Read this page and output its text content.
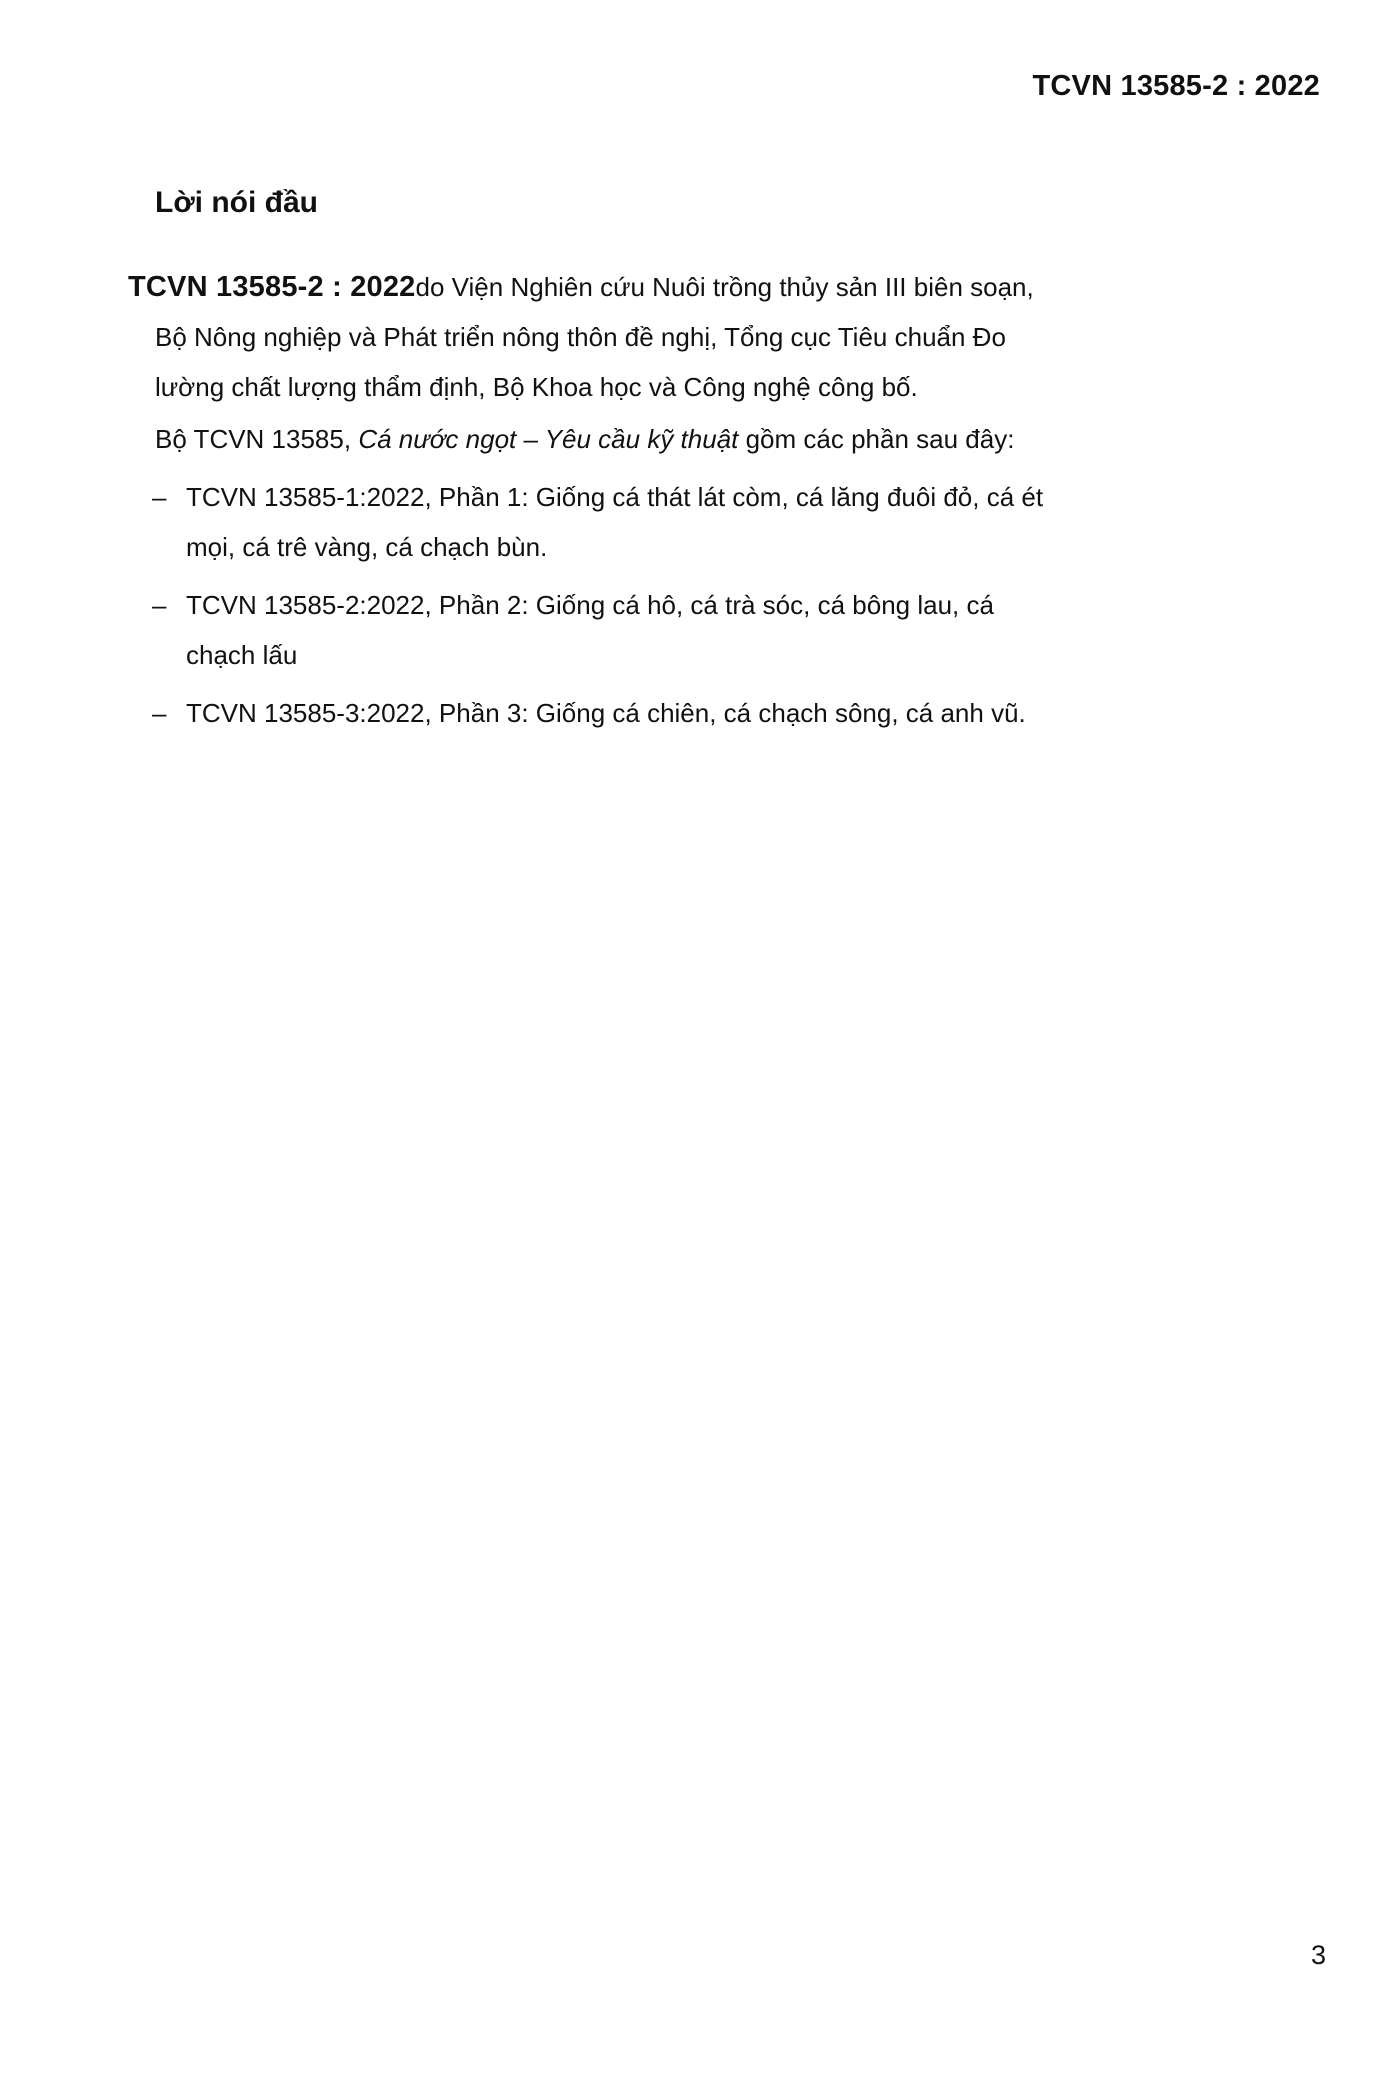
TCVN 13585-2 : 2022
Lời nói đầu

TCVN 13585-2 : 2022do Viện Nghiên cứu Nuôi trồng thủy sản III biên soạn, Bộ Nông nghiệp và Phát triển nông thôn đề nghị, Tổng cục Tiêu chuẩn Đo lường chất lượng thẩm định, Bộ Khoa học và Công nghệ công bố.

Bộ TCVN 13585, Cá nước ngọt – Yêu cầu kỹ thuật gồm các phần sau đây:

– TCVN 13585-1:2022, Phần 1: Giống cá thát lát còm, cá lăng đuôi đỏ, cá ét mọi, cá trê vàng, cá chạch bùn.
– TCVN 13585-2:2022, Phần 2: Giống cá hô, cá trà sóc, cá bông lau, cá chạch lấu
– TCVN 13585-3:2022, Phần 3: Giống cá chiên, cá chạch sông, cá anh vũ.
3
